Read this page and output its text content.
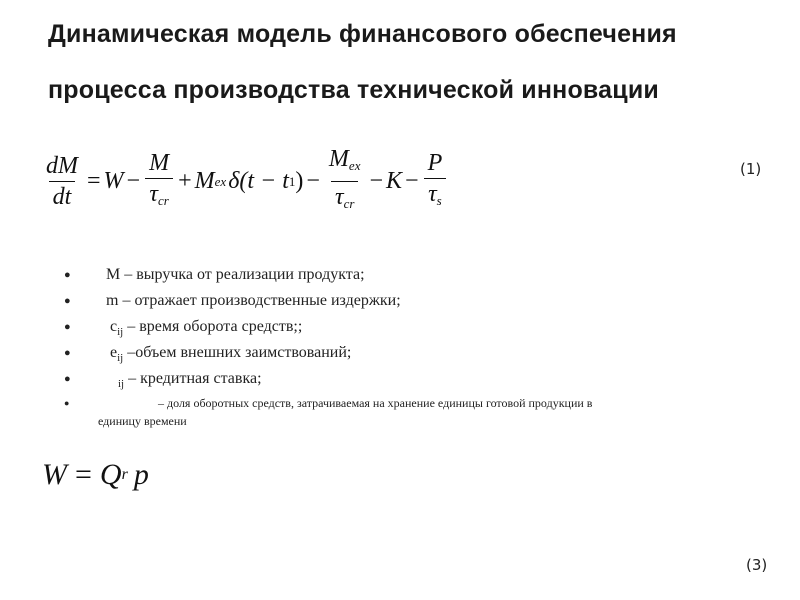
Динамическая модель финансового обеспечения
процесса производства технической инновации
$\frac{dM}{dt} = W - \frac{M}{\tau_{cr}} + M$ ex δ(t − t 1 ) − $\frac{M_{ex}}{\tau_{cr}} - K - \frac{P}{\tau_s}$	(1)
● M – выручка от реализации продукта;
● m – отражает производственные издержки;
● $c_{ij}$ – время оборота средств;;
● $e_{ij}$ –объем внешних заимствований;
●	$_{ij}$ – кредитная ставка;
●	– доля оборотных средств, затрачиваемая на хранение единицы готовой продукции в
единицу времени
W = Q r p
(3)
